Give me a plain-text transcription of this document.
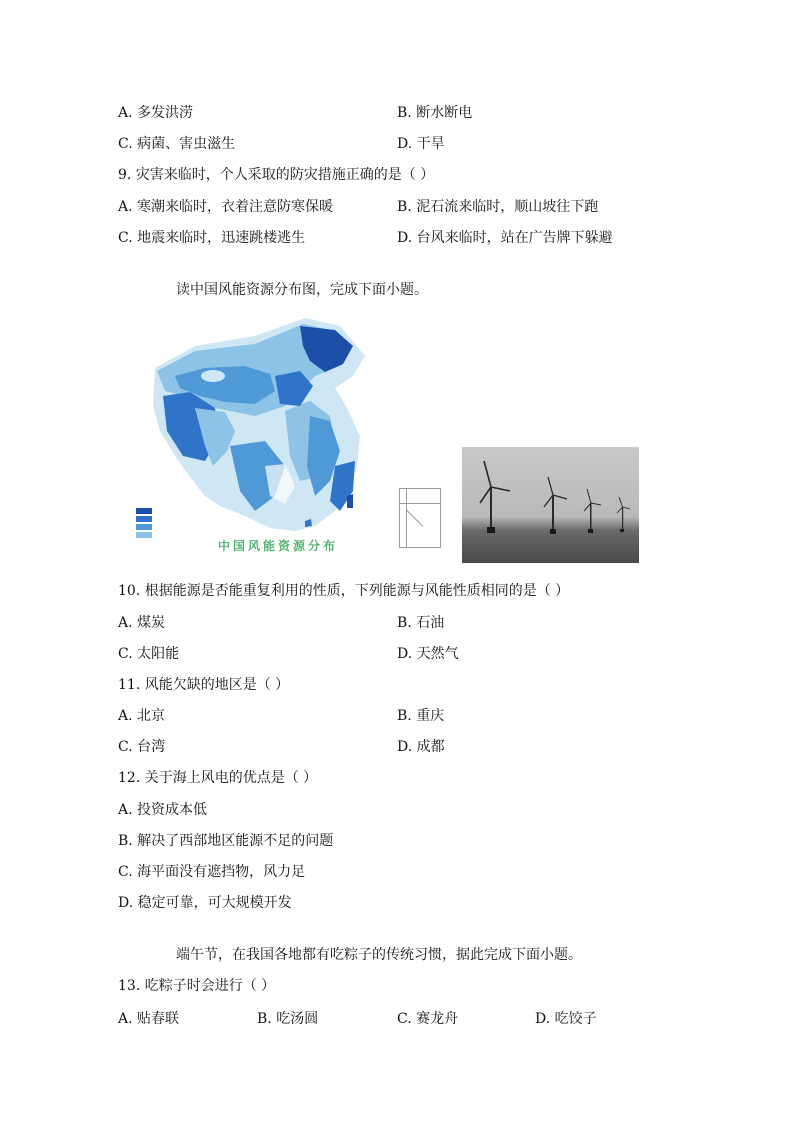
A. 多发洪涝	B. 断水断电
C. 病菌、害虫滋生	D. 干旱
9. 灾害来临时，个人采取的防灾措施正确的是（ ）
A. 寒潮来临时，衣着注意防寒保暖	B. 泥石流来临时，顺山坡往下跑
C. 地震来临时，迅速跳楼逃生	D. 台风来临时，站在广告牌下躲避
读中国风能资源分布图，完成下面小题。
中国风能资源分布
10. 根据能源是否能重复利用的性质，下列能源与风能性质相同的是（ ）
A. 煤炭	B. 石油
C. 太阳能	D. 天然气
11. 风能欠缺的地区是（ ）
A. 北京	B. 重庆
C. 台湾	D. 成都
12. 关于海上风电的优点是（ ）
A. 投资成本低
B. 解决了西部地区能源不足的问题
C. 海平面没有遮挡物，风力足
D. 稳定可靠，可大规模开发
端午节，在我国各地都有吃粽子的传统习惯，据此完成下面小题。
13. 吃粽子时会进行（ ）
A. 贴春联	B. 吃汤圆	C. 赛龙舟	D. 吃饺子
